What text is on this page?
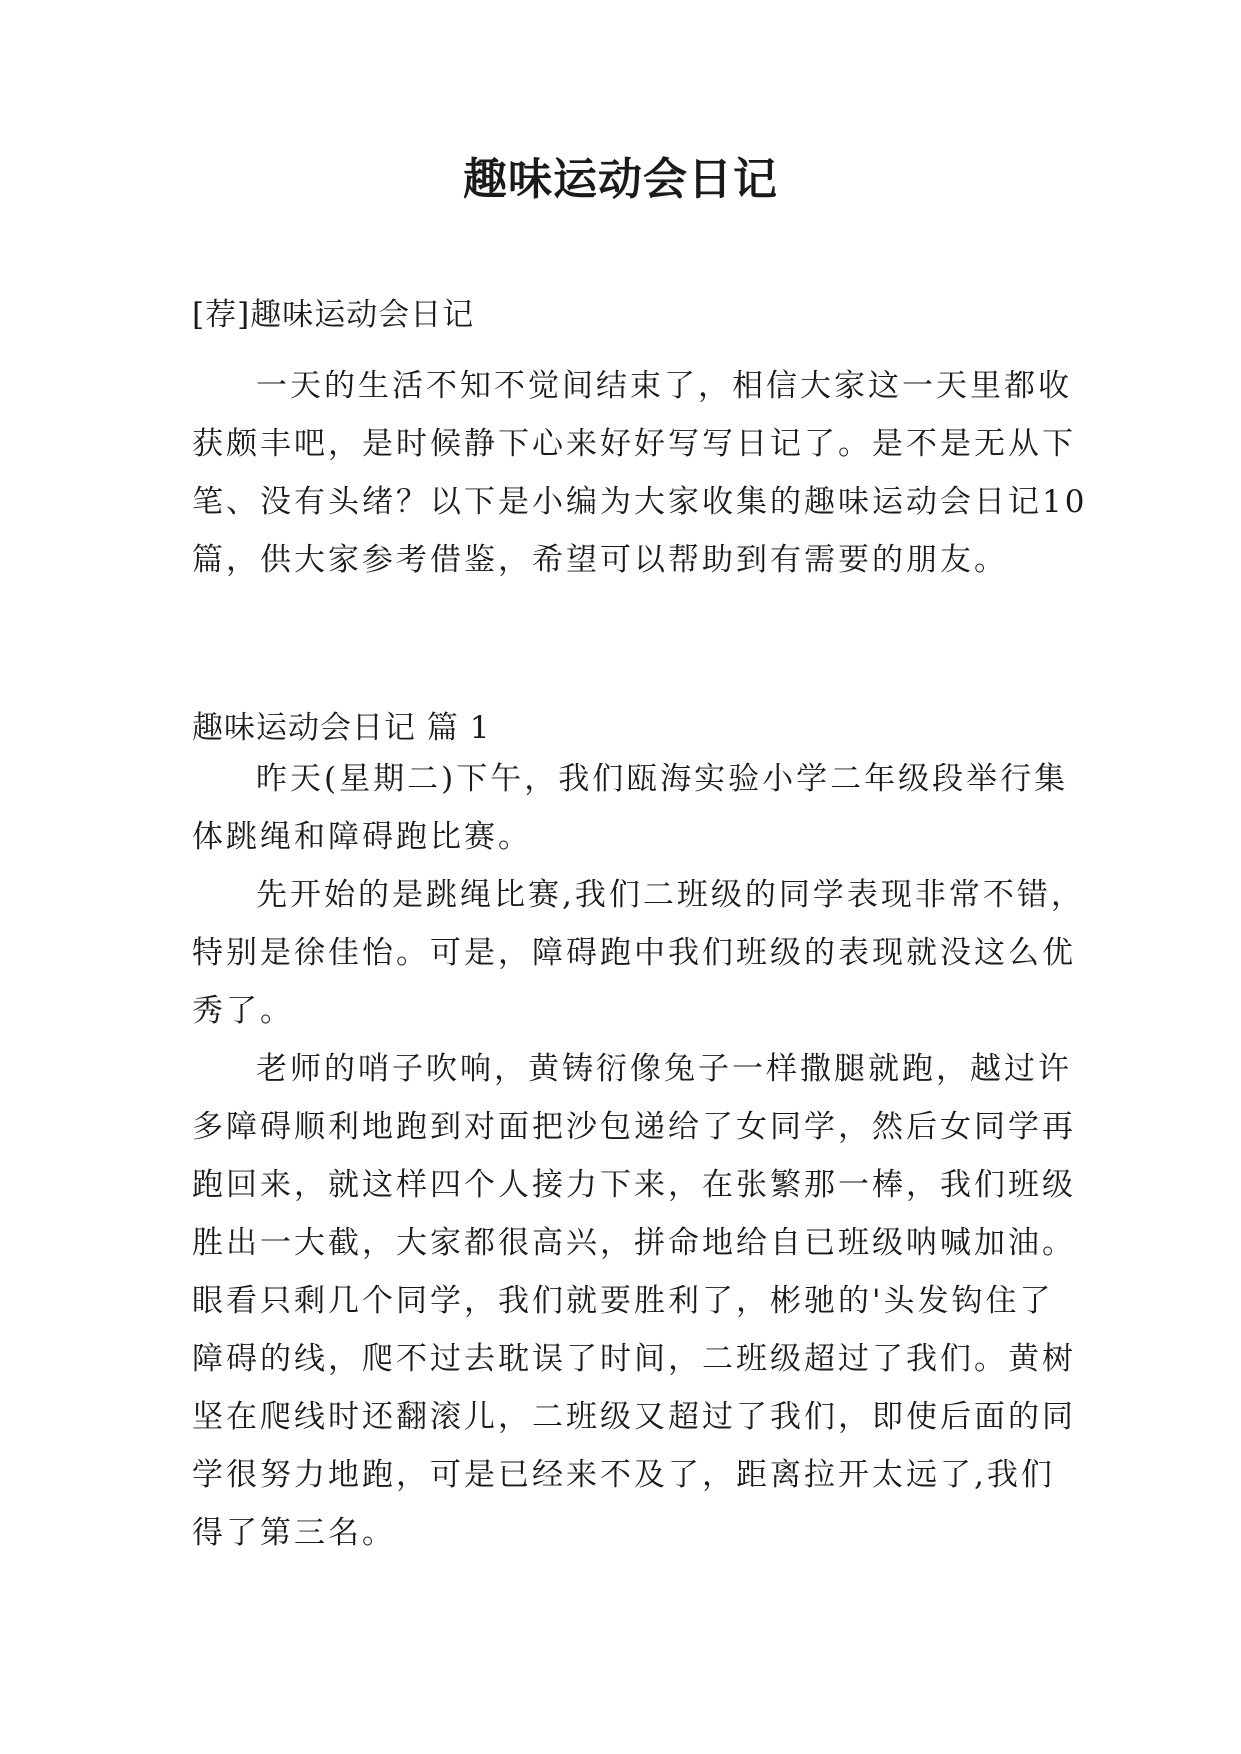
趣味运动会日记
[荐]趣味运动会日记
一天的生活不知不觉间结束了，相信大家这一天里都收
获颇丰吧，是时候静下心来好好写写日记了。是不是无从下
笔、没有头绪？以下是小编为大家收集的趣味运动会日记10
篇，供大家参考借鉴，希望可以帮助到有需要的朋友。
趣味运动会日记 篇 1
昨天(星期二)下午，我们瓯海实验小学二年级段举行集
体跳绳和障碍跑比赛。
先开始的是跳绳比赛,我们二班级的同学表现非常不错，
特别是徐佳怡。可是，障碍跑中我们班级的表现就没这么优
秀了。
老师的哨子吹响，黄铸衍像兔子一样撒腿就跑，越过许
多障碍顺利地跑到对面把沙包递给了女同学，然后女同学再
跑回来，就这样四个人接力下来，在张繁那一棒，我们班级
胜出一大截，大家都很高兴，拼命地给自已班级呐喊加油。
眼看只剩几个同学，我们就要胜利了，彬驰的'头发钩住了
障碍的线，爬不过去耽误了时间，二班级超过了我们。黄树
坚在爬线时还翻滚儿，二班级又超过了我们，即使后面的同
学很努力地跑，可是已经来不及了，距离拉开太远了,我们
得了第三名。
